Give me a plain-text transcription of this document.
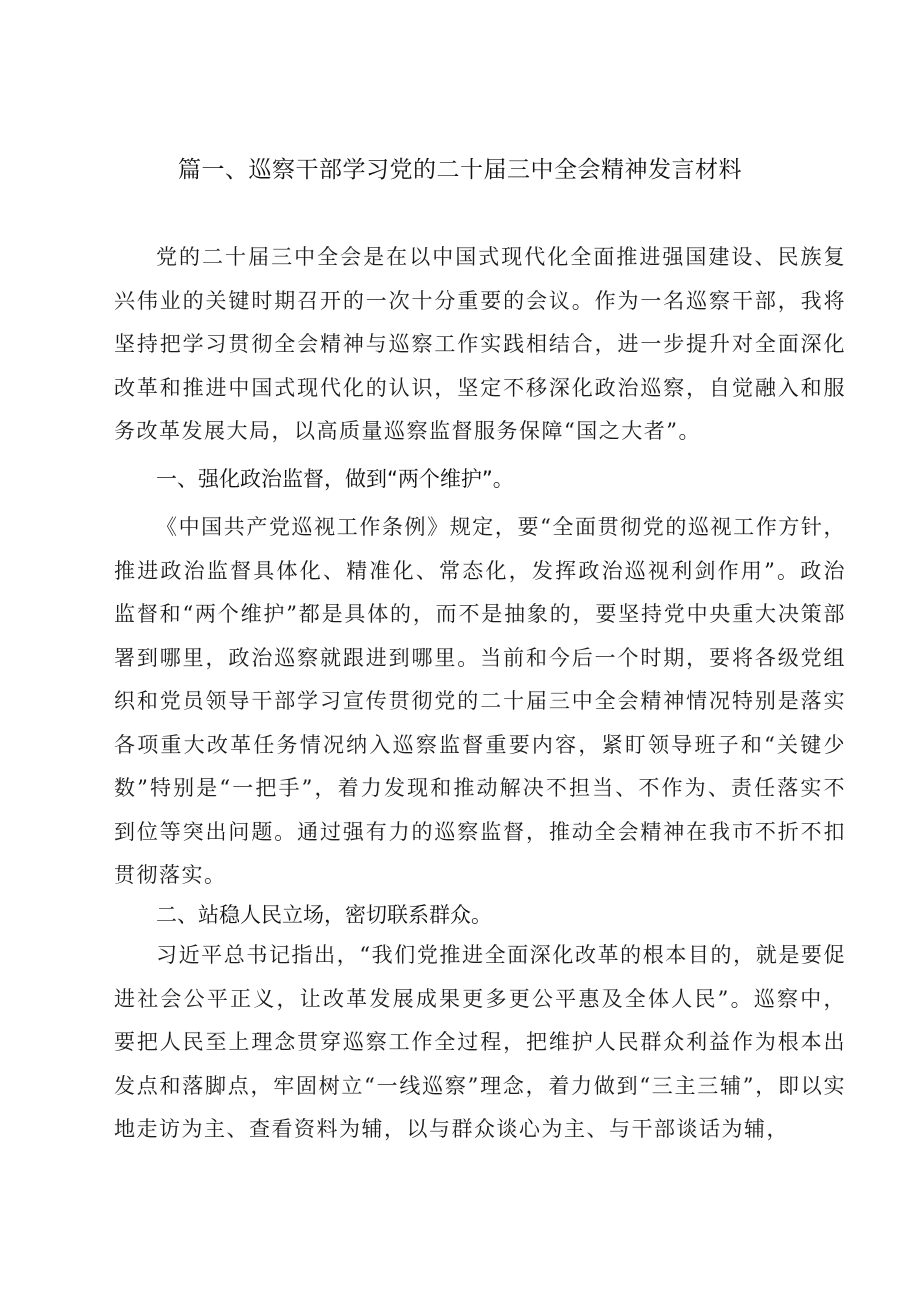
篇一、巡察干部学习党的二十届三中全会精神发言材料
党的二十届三中全会是在以中国式现代化全面推进强国建设、民族复兴伟业的关键时期召开的一次十分重要的会议。作为一名巡察干部，我将坚持把学习贯彻全会精神与巡察工作实践相结合，进一步提升对全面深化改革和推进中国式现代化的认识，坚定不移深化政治巡察，自觉融入和服务改革发展大局，以高质量巡察监督服务保障“国之大者”。
一、强化政治监督，做到“两个维护”。
《中国共产党巡视工作条例》规定，要“全面贯彻党的巡视工作方针，推进政治监督具体化、精准化、常态化，发挥政治巡视利剑作用”。政治监督和“两个维护”都是具体的，而不是抽象的，要坚持党中央重大决策部署到哪里，政治巡察就跟进到哪里。当前和今后一个时期，要将各级党组织和党员领导干部学习宣传贯彻党的二十届三中全会精神情况特别是落实各项重大改革任务情况纳入巡察监督重要内容，紧盯领导班子和“关键少数”特别是“一把手”，着力发现和推动解决不担当、不作为、责任落实不到位等突出问题。通过强有力的巡察监督，推动全会精神在我市不折不扣贯彻落实。
二、站稳人民立场，密切联系群众。
习近平总书记指出，“我们党推进全面深化改革的根本目的，就是要促进社会公平正义，让改革发展成果更多更公平惠及全体人民”。巡察中，要把人民至上理念贯穿巡察工作全过程，把维护人民群众利益作为根本出发点和落脚点，牢固树立“一线巡察”理念，着力做到“三主三辅”，即以实地走访为主、查看资料为辅，以与群众谈心为主、与干部谈话为辅，
